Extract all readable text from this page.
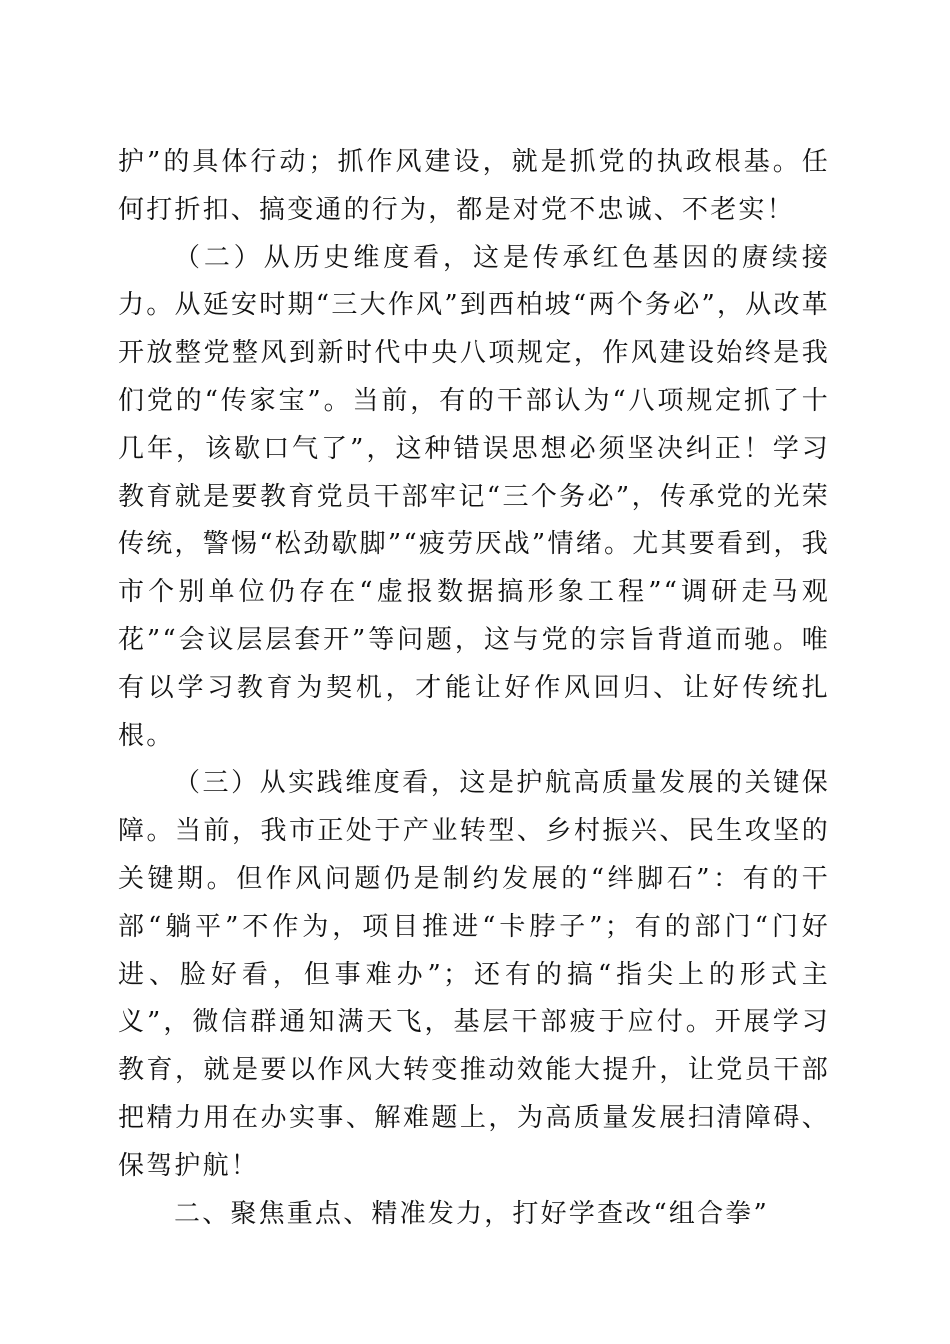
护”的具体行动；抓作风建设，就是抓党的执政根基。任何打折扣、搞变通的行为，都是对党不忠诚、不老实！

（二）从历史维度看，这是传承红色基因的赓续接力。从延安时期“三大作风”到西柏坡“两个务必”，从改革开放整党整风到新时代中央八项规定，作风建设始终是我们党的“传家宝”。当前，有的干部认为“八项规定抓了十几年，该歇口气了”，这种错误思想必须坚决纠正！学习教育就是要教育党员干部牢记“三个务必”，传承党的光荣传统，警惕“松劲歇脚”“疲劳厌战”情绪。尤其要看到，我市个别单位仍存在“虚报数据搞形象工程”“调研走马观花”“会议层层套开”等问题，这与党的宗旨背道而驰。唯有以学习教育为契机，才能让好作风回归、让好传统扎根。

（三）从实践维度看，这是护航高质量发展的关键保障。当前，我市正处于产业转型、乡村振兴、民生攻坚的关键期。但作风问题仍是制约发展的“绊脚石”：有的干部“躺平”不作为，项目推进“卡脖子”；有的部门“门好进、脸好看，但事难办”；还有的搞“指尖上的形式主义”，微信群通知满天飞，基层干部疲于应付。开展学习教育，就是要以作风大转变推动效能大提升，让党员干部把精力用在办实事、解难题上，为高质量发展扫清障碍、保驾护航！

二、聚焦重点、精准发力，打好学查改“组合拳”
